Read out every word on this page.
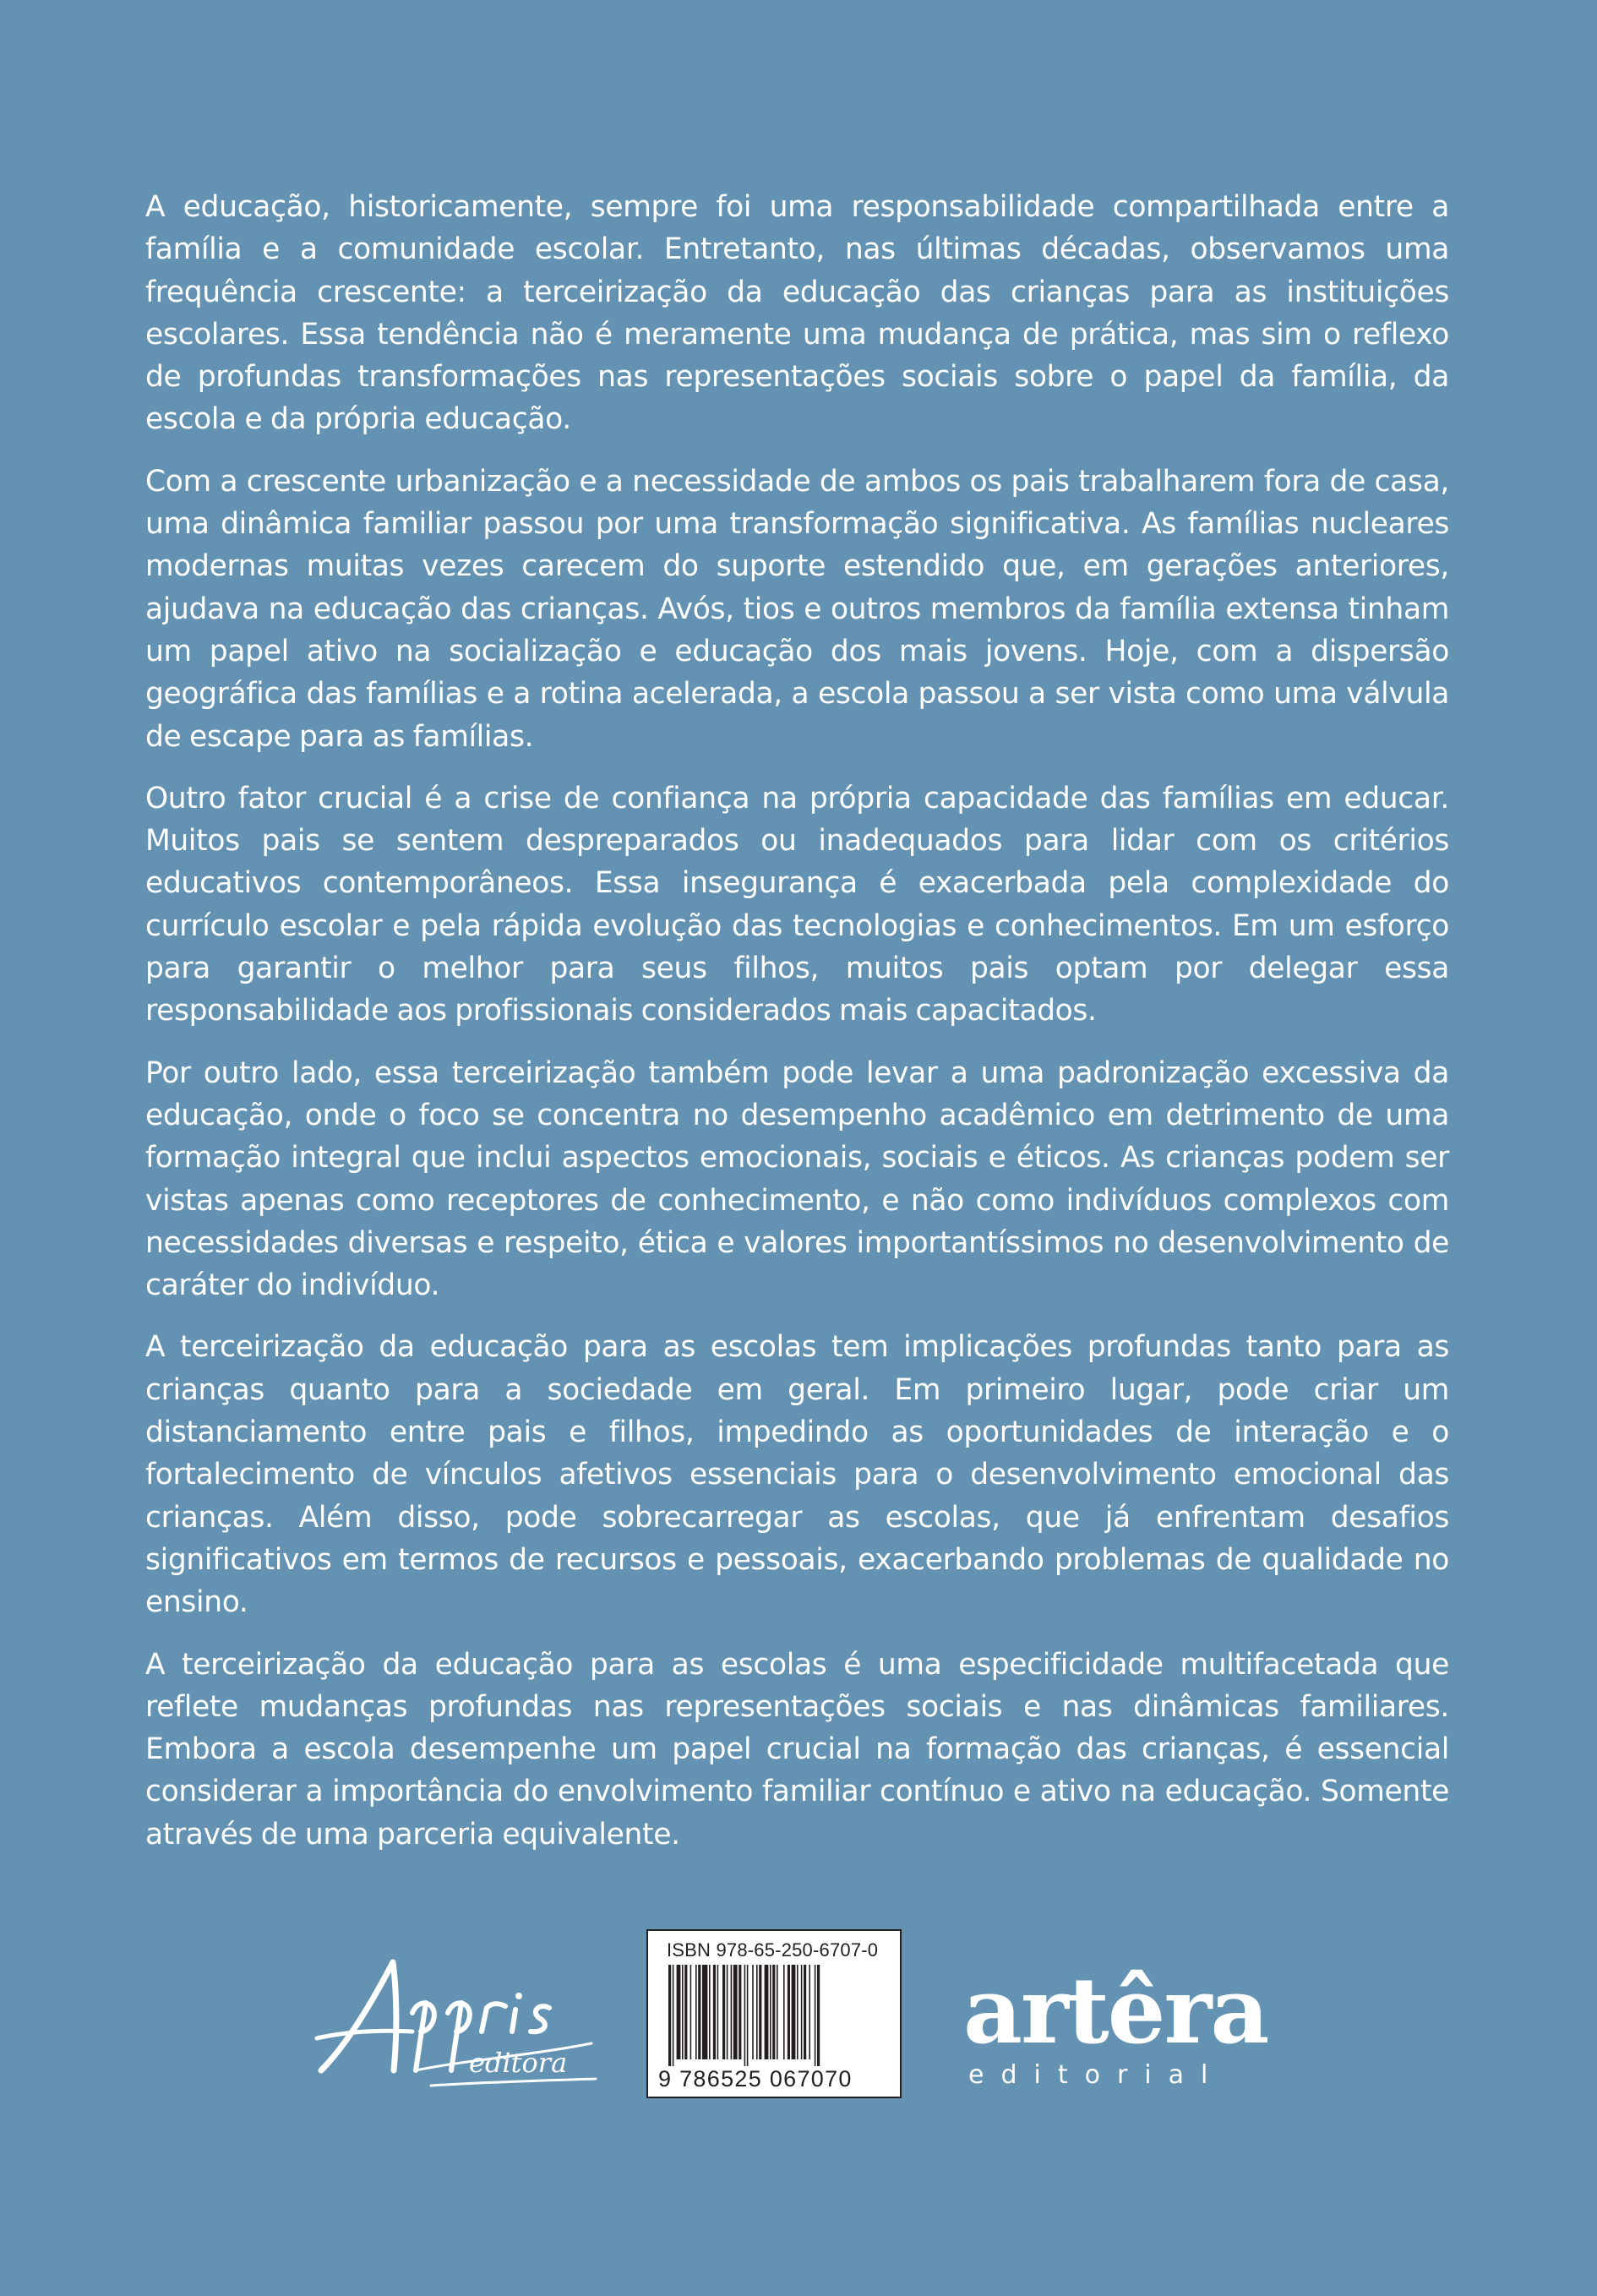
A educação, historicamente, sempre foi uma responsabilidade compartilhada entre a família e a comunidade escolar. Entretanto, nas últimas décadas, observamos uma frequência crescente: a terceirização da educação das crianças para as instituições escolares. Essa tendência não é meramente uma mudança de prática, mas sim o reflexo de profundas transformações nas representações sociais sobre o papel da família, da escola e da própria educação.

Com a crescente urbanização e a necessidade de ambos os pais trabalharem fora de casa, uma dinâmica familiar passou por uma transformação significativa. As famílias nucleares modernas muitas vezes carecem do suporte estendido que, em gerações anteriores, ajudava na educação das crianças. Avós, tios e outros membros da família extensa tinham um papel ativo na socialização e educação dos mais jovens. Hoje, com a dispersão geográfica das famílias e a rotina acelerada, a escola passou a ser vista como uma válvula de escape para as famílias.

Outro fator crucial é a crise de confiança na própria capacidade das famílias em educar. Muitos pais se sentem despreparados ou inadequados para lidar com os critérios educativos contemporâneos. Essa insegurança é exacerbada pela complexidade do currículo escolar e pela rápida evolução das tecnologias e conhecimentos. Em um esforço para garantir o melhor para seus filhos, muitos pais optam por delegar essa responsabilidade aos profissionais considerados mais capacitados.

Por outro lado, essa terceirização também pode levar a uma padronização excessiva da educação, onde o foco se concentra no desempenho acadêmico em detrimento de uma formação integral que inclui aspectos emocionais, sociais e éticos. As crianças podem ser vistas apenas como receptores de conhecimento, e não como indivíduos complexos com necessidades diversas e respeito, ética e valores importantíssimos no desenvolvimento de caráter do indivíduo.

A terceirização da educação para as escolas tem implicações profundas tanto para as crianças quanto para a sociedade em geral. Em primeiro lugar, pode criar um distanciamento entre pais e filhos, impedindo as oportunidades de interação e o fortalecimento de vínculos afetivos essenciais para o desenvolvimento emocional das crianças. Além disso, pode sobrecarregar as escolas, que já enfrentam desafios significativos em termos de recursos e pessoais, exacerbando problemas de qualidade no ensino.

A terceirização da educação para as escolas é uma especificidade multifacetada que reflete mudanças profundas nas representações sociais e nas dinâmicas familiares. Embora a escola desempenhe um papel crucial na formação das crianças, é essencial considerar a importância do envolvimento familiar contínuo e ativo na educação. Somente através de uma parceria equivalente.

editora
ISBN 978-65-250-6707-0
9 786525 067070
artêra
editorial
